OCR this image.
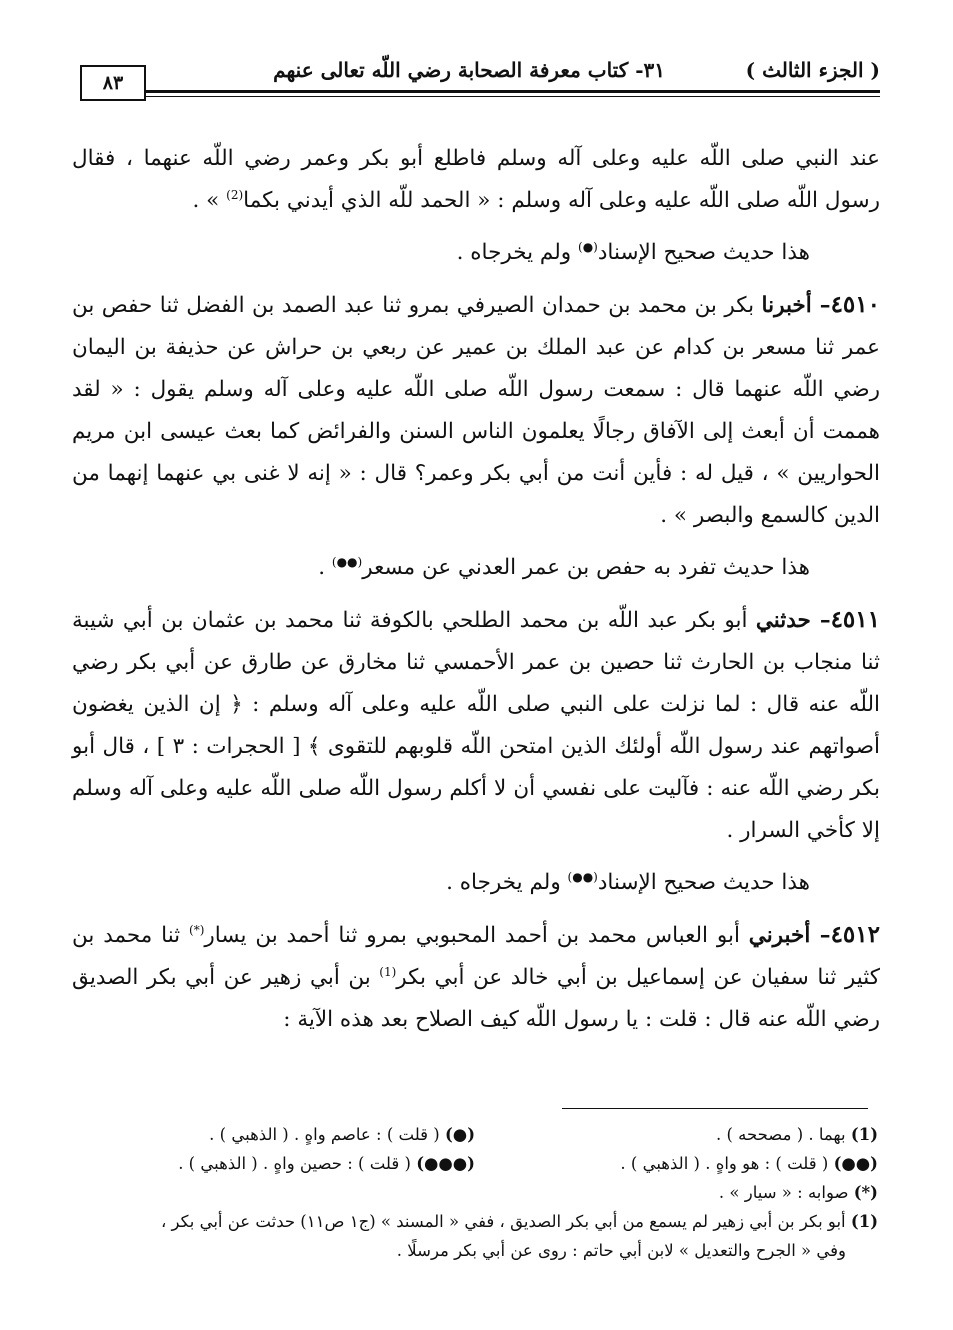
( الجزء الثالث )
٣١- كتاب معرفة الصحابة رضي اللّه تعالى عنهم
٨٣

عند النبي صلى اللّه عليه وعلى آله وسلم فاطلع أبو بكر وعمر رضي اللّه عنهما ، فقال رسول اللّه صلى اللّه عليه وعلى آله وسلم : « الحمد للّه الذي أيدني بكما$^{(2)}$ » .

هذا حديث صحيح الإسناد(●) ولم يخرجاه .

٤٥١٠– أخبرنا بكر بن محمد بن حمدان الصيرفي بمرو ثنا عبد الصمد بن الفضل ثنا حفص بن عمر ثنا مسعر بن كدام عن عبد الملك بن عمير عن ربعي بن حراش عن حذيفة بن اليمان رضي اللّه عنهما قال : سمعت رسول اللّه صلى اللّه عليه وعلى آله وسلم يقول : « لقد هممت أن أبعث إلى الآفاق رجالًا يعلمون الناس السنن والفرائض كما بعث عيسى ابن مريم الحواريين » ، قيل له : فأين أنت من أبي بكر وعمر؟ قال : « إنه لا غنى بي عنهما إنهما من الدين كالسمع والبصر » .

هذا حديث تفرد به حفص بن عمر العدني عن مسعر(●●) .

٤٥١١– حدثني أبو بكر عبد اللّه بن محمد الطلحي بالكوفة ثنا محمد بن عثمان بن أبي شيبة ثنا منجاب بن الحارث ثنا حصين بن عمر الأحمسي ثنا مخارق عن طارق عن أبي بكر رضي اللّه عنه قال : لما نزلت على النبي صلى اللّه عليه وعلى آله وسلم : ﴿ إن الذين يغضون أصواتهم عند رسول اللّه أولئك الذين امتحن اللّه قلوبهم للتقوى ﴾ [ الحجرات : ٣ ] ، قال أبو بكر رضي اللّه عنه : فآليت على نفسي أن لا أكلم رسول اللّه صلى اللّه عليه وعلى آله وسلم إلا كأخي السرار .

هذا حديث صحيح الإسناد(●●) ولم يخرجاه .

٤٥١٢– أخبرني أبو العباس محمد بن أحمد المحبوبي بمرو ثنا أحمد بن يسار(*) ثنا محمد بن كثير ثنا سفيان عن إسماعيل بن أبي خالد عن أبي بكر$^{(1)}$ بن أبي زهير عن أبي بكر الصديق رضي اللّه عنه قال : قلت : يا رسول اللّه كيف الصلاح بعد هذه الآية :

(1) بهما . ( مصححه ) .
(●) ( قلت ) : عاصم واهٍ . ( الذهبي ) .
(●●) ( قلت ) : هو واهٍ . ( الذهبي ) .
(●●●) ( قلت ) : حصين واهٍ . ( الذهبي ) .
(*) صوابه : « سيار » .
(1) أبو بكر بن أبي زهير لم يسمع من أبي بكر الصديق ، ففي « المسند » (ج١ ص١١) حدثت عن أبي بكر ،
وفي « الجرح والتعديل » لابن أبي حاتم : روى عن أبي بكر مرسلًا .
